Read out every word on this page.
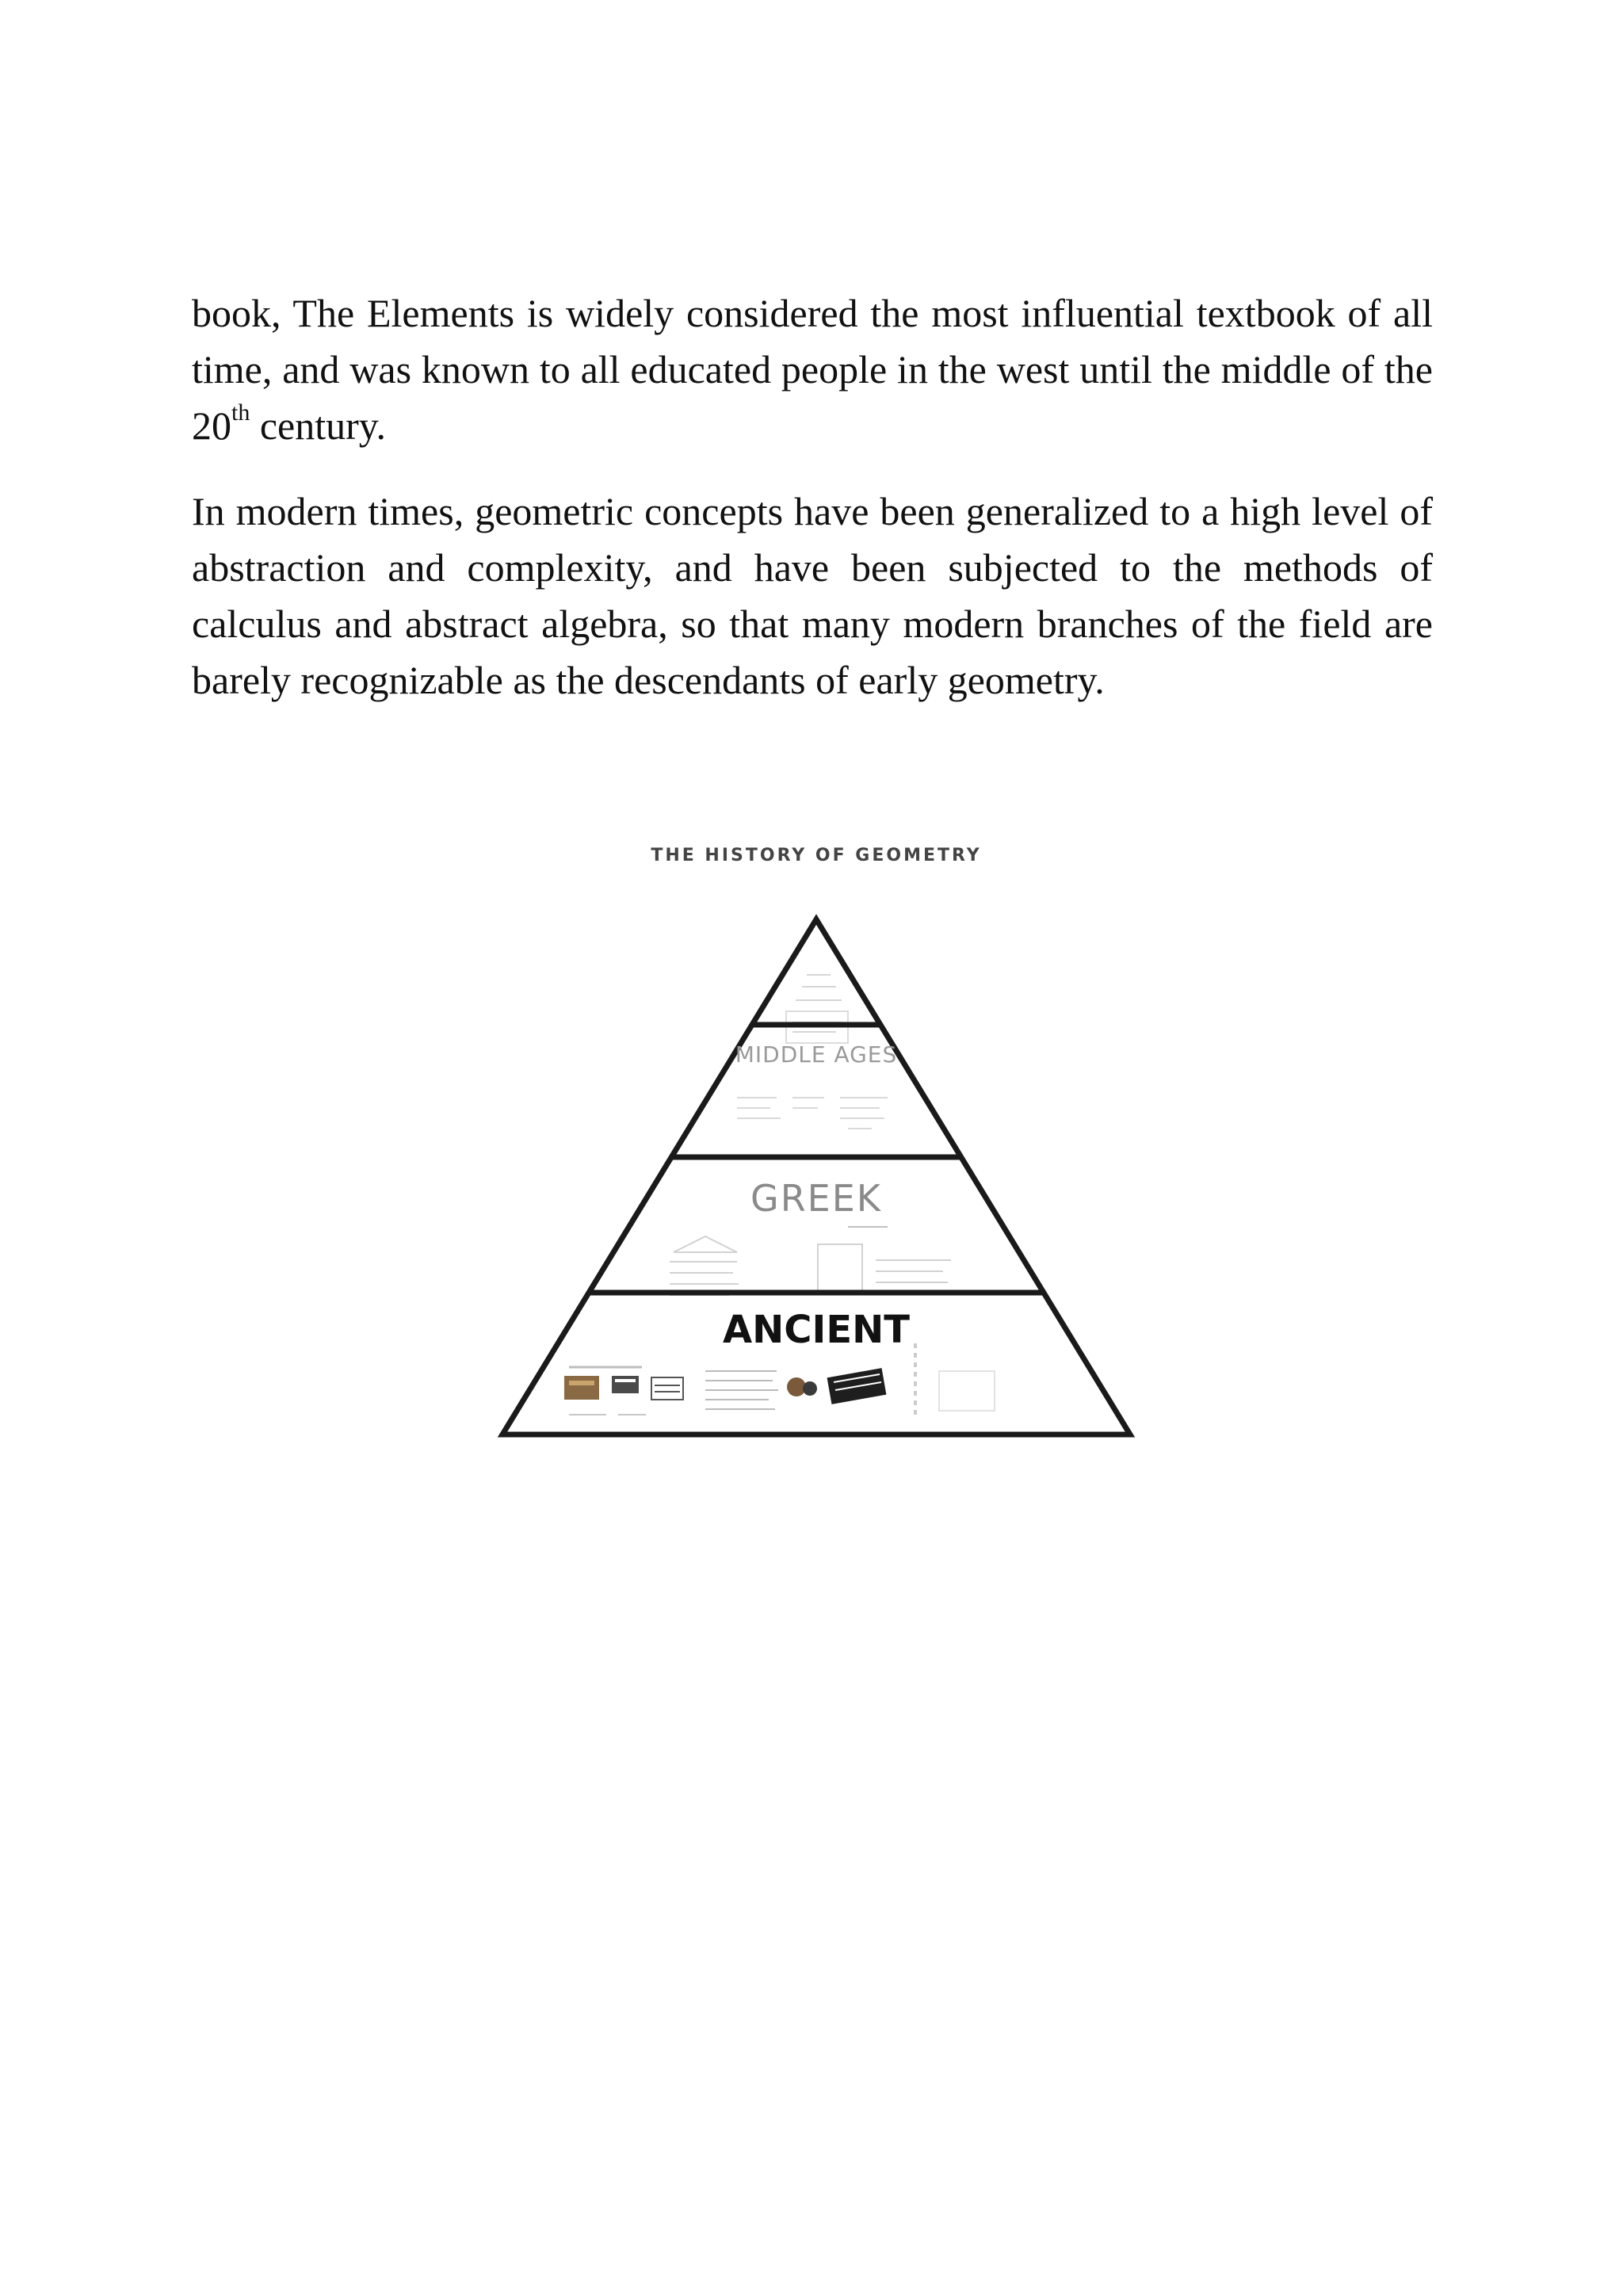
book, The Elements is widely considered the most influential textbook of all time, and was known to all educated people in the west until the middle of the 20th century.

In modern times, geometric concepts have been generalized to a high level of abstraction and complexity, and have been subjected to the methods of calculus and abstract algebra, so that many modern branches of the field are barely recognizable as the descendants of early geometry.

THE HISTORY OF GEOMETRY
MIDDLE AGES
GREEK
ANCIENT
